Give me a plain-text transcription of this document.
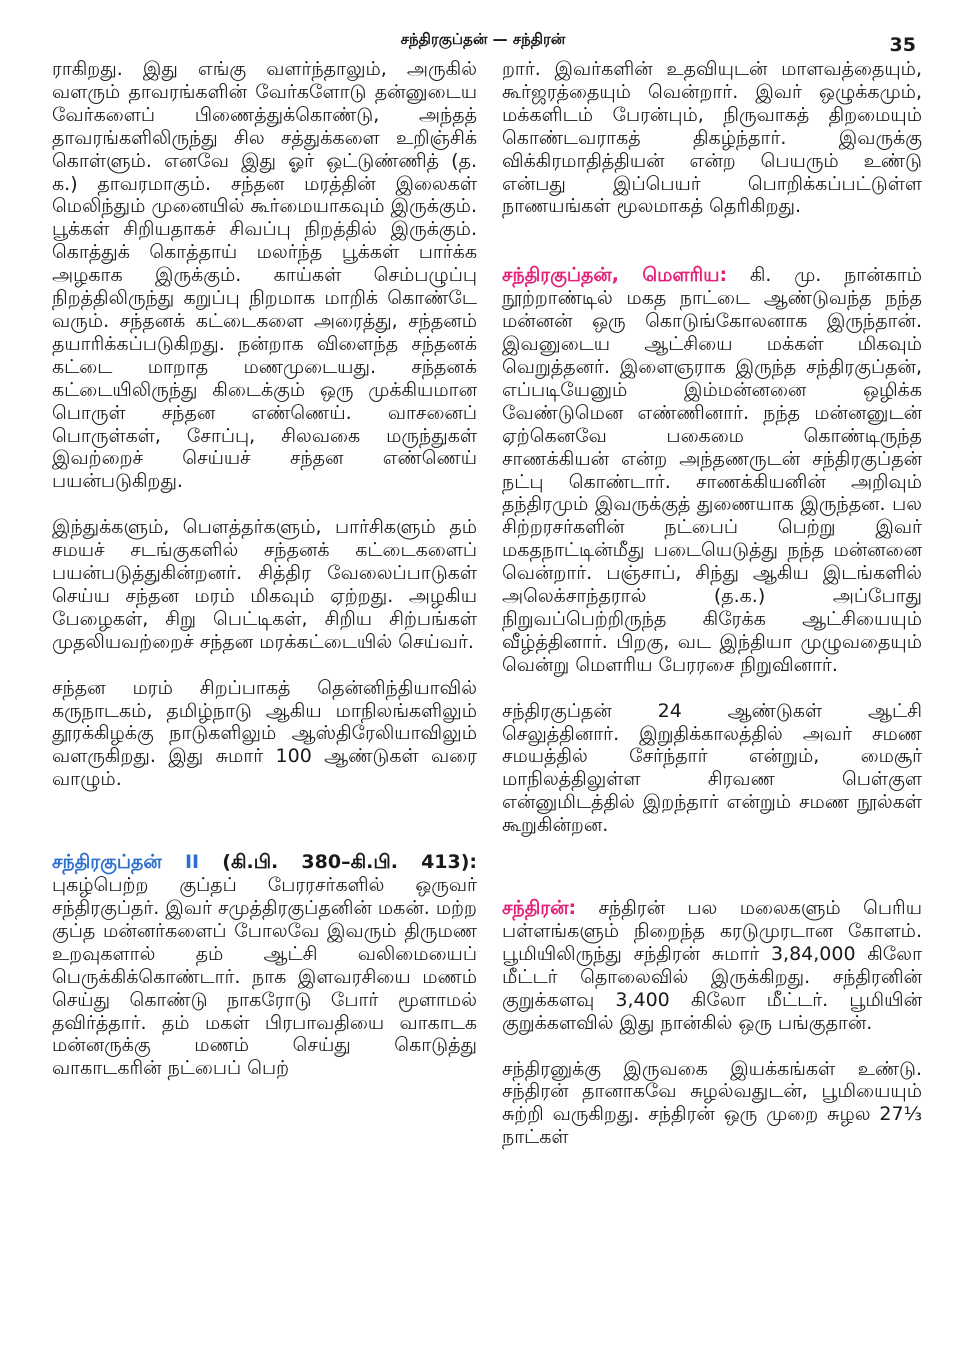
சந்திரகுப்தன் — சந்திரன்	35

ராகிறது. இது எங்கு வளர்ந்தாலும், அருகில் வளரும் தாவரங்களின் வேர்களோடு தன்னுடைய வேர்களைப் பிணைத்துக்கொண்டு, அந்தத் தாவரங்களிலிருந்து சில சத்துக்களை உறிஞ்சிக் கொள்ளும். எனவே இது ஓர் ஒட்டுண்ணித் (த. க.) தாவரமாகும். சந்தன மரத்தின் இலைகள் மெலிந்தும் முனையில் கூர்மையாகவும் இருக்கும். பூக்கள் சிறியதாகச் சிவப்பு நிறத்தில் இருக்கும். கொத்துக் கொத்தாய் மலர்ந்த பூக்கள் பார்க்க அழகாக இருக்கும். காய்கள் செம்பழுப்பு நிறத்திலிருந்து கறுப்பு நிறமாக மாறிக் கொண்டே வரும். சந்தனக் கட்டைகளை அரைத்து, சந்தனம் தயாரிக்கப்படுகிறது. நன்றாக விளைந்த சந்தனக் கட்டை மாறாத மணமுடையது. சந்தனக் கட்டையிலிருந்து கிடைக்கும் ஒரு முக்கியமான பொருள் சந்தன எண்ணெய். வாசனைப் பொருள்கள், சோப்பு, சிலவகை மருந்துகள் இவற்றைச் செய்யச் சந்தன எண்ணெய் பயன்படுகிறது.

இந்துக்களும், பௌத்தர்களும், பார்சிகளும் தம் சமயச் சடங்குகளில் சந்தனக் கட்டைகளைப் பயன்படுத்துகின்றனர். சித்திர வேலைப்பாடுகள் செய்ய சந்தன மரம் மிகவும் ஏற்றது. அழகிய பேழைகள், சிறு பெட்டிகள், சிறிய சிற்பங்கள் முதலியவற்றைச் சந்தன மரக்கட்டையில் செய்வர்.

சந்தன மரம் சிறப்பாகத் தென்னிந்தியாவில் கருநாடகம், தமிழ்நாடு ஆகிய மாநிலங்களிலும் தூரக்கிழக்கு நாடுகளிலும் ஆஸ்திரேலியாவிலும் வளருகிறது. இது சுமார் 100 ஆண்டுகள் வரை வாழும்.

சந்திரகுப்தன் II (கி.பி. 380–கி.பி. 413): புகழ்பெற்ற குப்தப் பேரரசர்களில் ஒருவர் சந்திரகுப்தர். இவர் சமுத்திரகுப்தனின் மகன். மற்ற குப்த மன்னர்களைப் போலவே இவரும் திருமண உறவுகளால் தம் ஆட்சி வலிமையைப் பெருக்கிக்கொண்டார். நாக இளவரசியை மணம் செய்து கொண்டு நாகரோடு போர் மூளாமல் தவிர்த்தார். தம் மகள் பிரபாவதியை வாகாடக மன்னருக்கு மணம் செய்து கொடுத்து வாகாடகரின் நட்பைப் பெற்

றார். இவர்களின் உதவியுடன் மாளவத்தையும், கூர்ஜரத்தையும் வென்றார். இவர் ஒழுக்கமும், மக்களிடம் பேரன்பும், நிருவாகத் திறமையும் கொண்டவராகத் திகழ்ந்தார். இவருக்கு விக்கிரமாதித்தியன் என்ற பெயரும் உண்டு என்பது இப்பெயர் பொறிக்கப்பட்டுள்ள நாணயங்கள் மூலமாகத் தெரிகிறது.

சந்திரகுப்தன், மௌரிய: கி. மு. நான்காம் நூற்றாண்டில் மகத நாட்டை ஆண்டுவந்த நந்த மன்னன் ஒரு கொடுங்கோலனாக இருந்தான். இவனுடைய ஆட்சியை மக்கள் மிகவும் வெறுத்தனர். இளைஞராக இருந்த சந்திரகுப்தன், எப்படியேனும் இம்மன்னனை ஒழிக்க வேண்டுமென எண்ணினார். நந்த மன்னனுடன் ஏற்கெனவே பகைமை கொண்டிருந்த சாணக்கியன் என்ற அந்தணருடன் சந்திரகுப்தன் நட்பு கொண்டார். சாணக்கியனின் அறிவும் தந்திரமும் இவருக்குத் துணையாக இருந்தன. பல சிற்றரசர்களின் நட்பைப் பெற்று இவர் மகதநாட்டின்மீது படையெடுத்து நந்த மன்னனை வென்றார். பஞ்சாப், சிந்து ஆகிய இடங்களில் அலெக்சாந்தரால் (த.க.) அப்போது நிறுவப்பெற்றிருந்த கிரேக்க ஆட்சியையும் வீழ்த்தினார். பிறகு, வட இந்தியா முழுவதையும் வென்று மௌரிய பேரரசை நிறுவினார்.

சந்திரகுப்தன் 24 ஆண்டுகள் ஆட்சி செலுத்தினார். இறுதிக்காலத்தில் அவர் சமண சமயத்தில் சேர்ந்தார் என்றும், மைசூர் மாநிலத்திலுள்ள சிரவண பெள்குள என்னுமிடத்தில் இறந்தார் என்றும் சமண நூல்கள் கூறுகின்றன.

சந்திரன்: சந்திரன் பல மலைகளும் பெரிய பள்ளங்களும் நிறைந்த கரடுமுரடான கோளம். பூமியிலிருந்து சந்திரன் சுமார் 3,84,000 கிலோ மீட்டர் தொலைவில் இருக்கிறது. சந்திரனின் குறுக்களவு 3,400 கிலோ மீட்டர். பூமியின் குறுக்களவில் இது நான்கில் ஒரு பங்குதான்.

சந்திரனுக்கு இருவகை இயக்கங்கள் உண்டு. சந்திரன் தானாகவே சுழல்வதுடன், பூமியையும் சுற்றி வருகிறது. சந்திரன் ஒரு முறை சுழல 27⅓ நாட்கள்
